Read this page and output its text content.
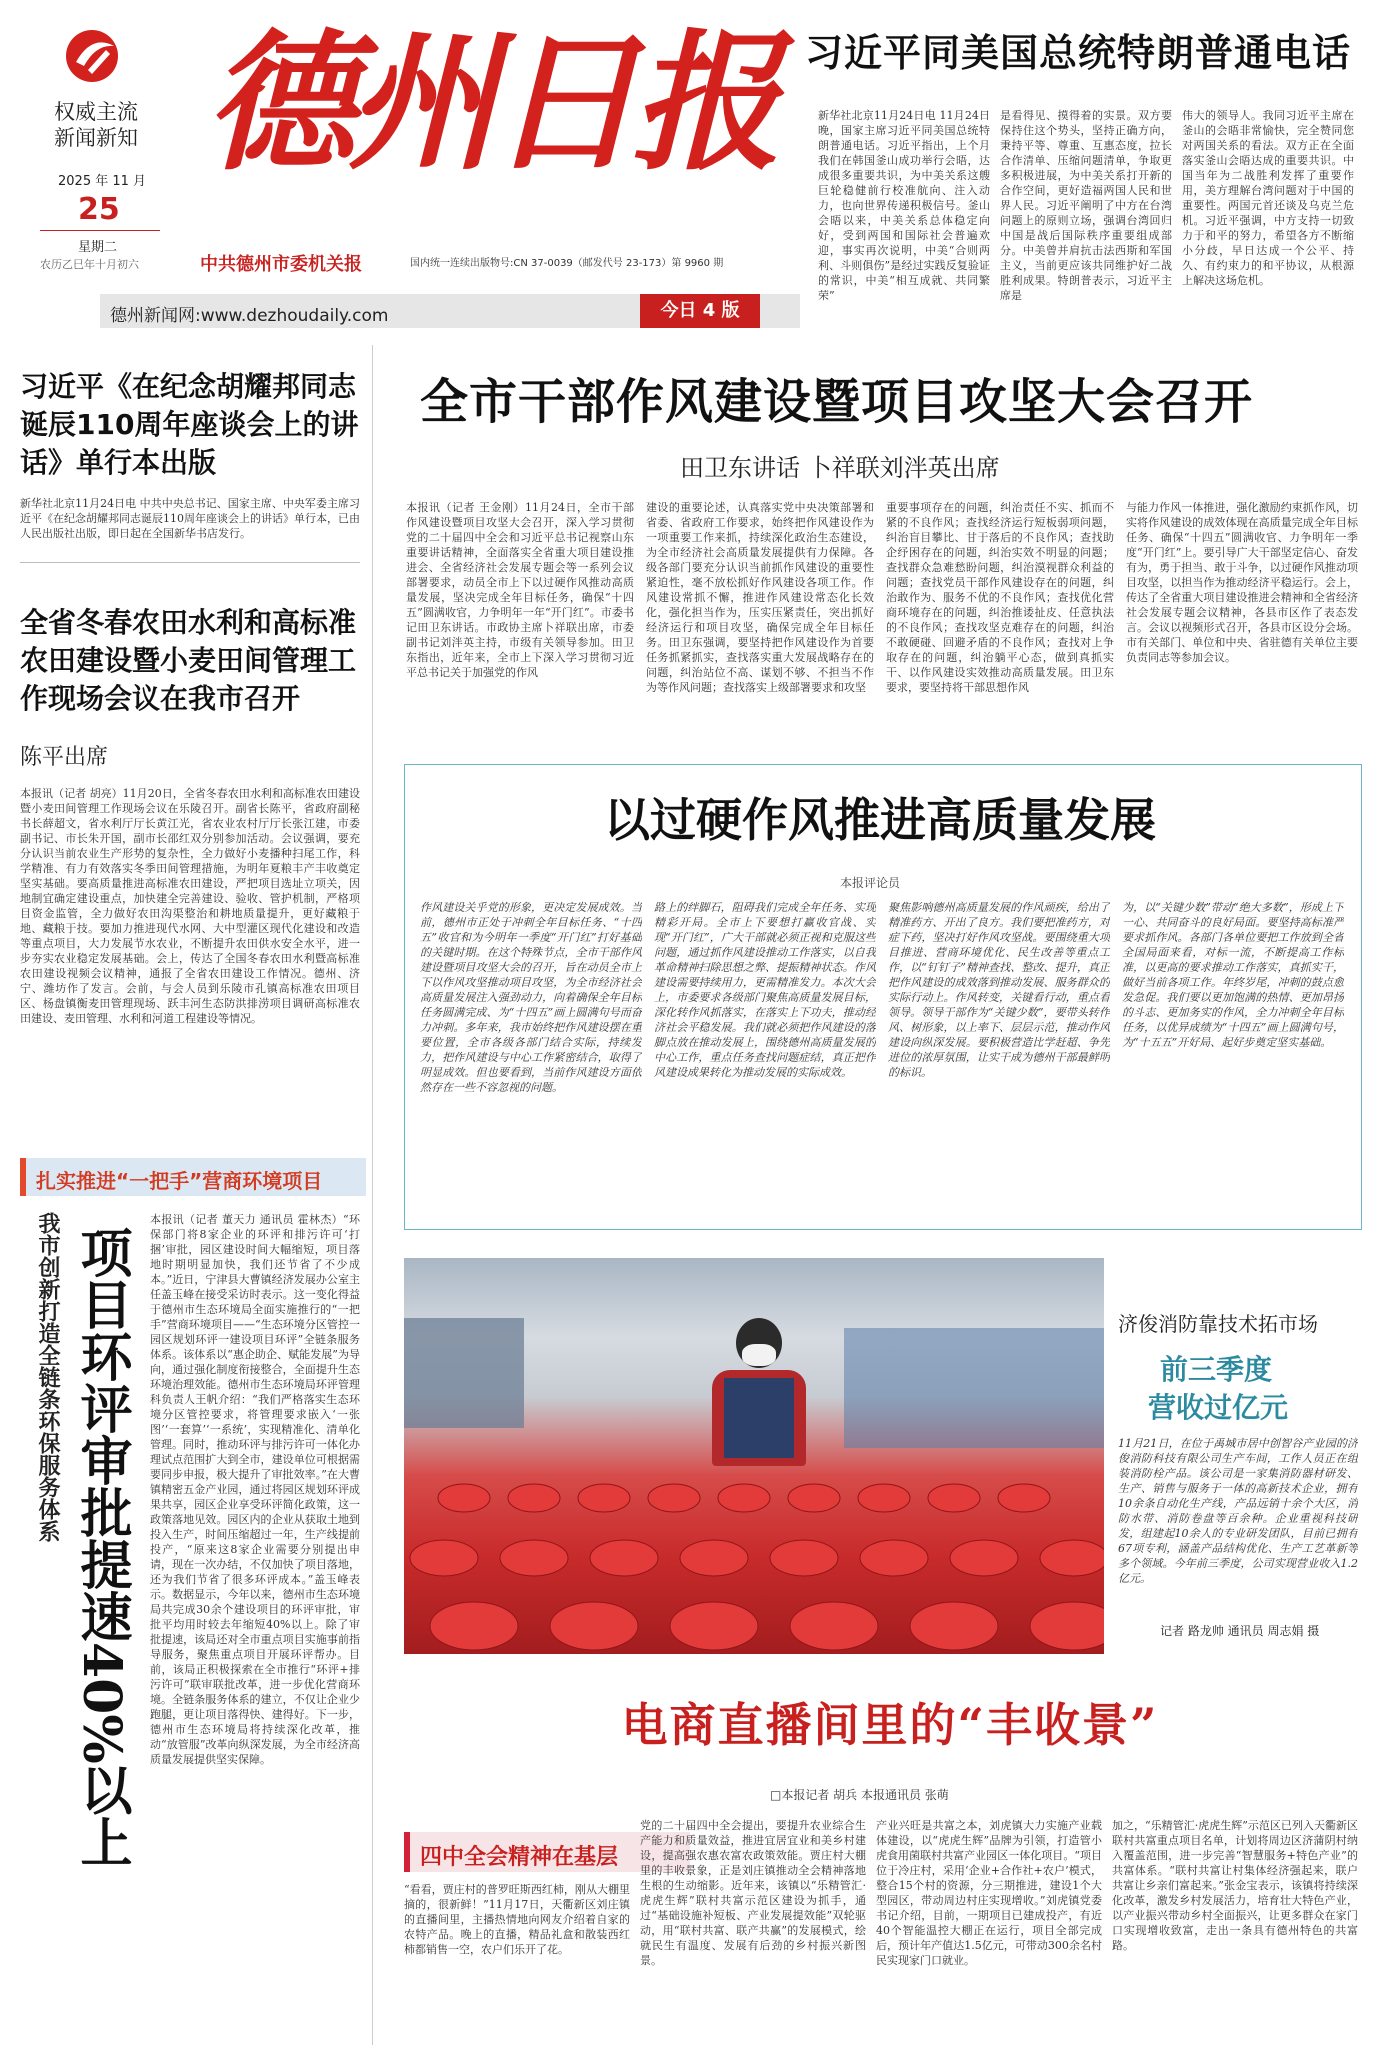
权威主流
新闻新知
2025 年 11 月
25
星期二
农历乙巳年十月初六
德州日报
中共德州市委机关报	国内统一连续出版物号:CN 37-0039（邮发代号 23-173）第 9960 期
德州新闻网:www.dezhoudaily.com	今日 4 版
习近平同美国总统特朗普通电话
新华社北京11月24日电 11月24日晚，国家主席习近平同美国总统特朗普通电话。习近平指出，上个月我们在韩国釜山成功举行会晤，达成很多重要共识，为中美关系这艘巨轮稳健前行校准航向、注入动力，也向世界传递积极信号。釜山会晤以来，中美关系总体稳定向好，受到两国和国际社会普遍欢迎，事实再次说明，中美“合则两利、斗则俱伤”是经过实践反复验证的常识，中美“相互成就、共同繁荣”
是看得见、摸得着的实景。双方要保持住这个势头，坚持正确方向，秉持平等、尊重、互惠态度，拉长合作清单、压缩问题清单，争取更多积极进展，为中美关系打开新的合作空间，更好造福两国人民和世界人民。习近平阐明了中方在台湾问题上的原则立场，强调台湾回归中国是战后国际秩序重要组成部分。中美曾并肩抗击法西斯和军国主义，当前更应该共同维护好二战胜利成果。特朗普表示，习近平主席是
伟大的领导人。我同习近平主席在釜山的会晤非常愉快，完全赞同您对两国关系的看法。双方正在全面落实釜山会晤达成的重要共识。中国当年为二战胜利发挥了重要作用，美方理解台湾问题对于中国的重要性。两国元首还谈及乌克兰危机。习近平强调，中方支持一切致力于和平的努力，希望各方不断缩小分歧，早日达成一个公平、持久、有约束力的和平协议，从根源上解决这场危机。
习近平《在纪念胡耀邦同志诞辰110周年座谈会上的讲话》单行本出版
新华社北京11月24日电 中共中央总书记、国家主席、中央军委主席习近平《在纪念胡耀邦同志诞辰110周年座谈会上的讲话》单行本，已由人民出版社出版，即日起在全国新华书店发行。
全省冬春农田水利和高标准农田建设暨小麦田间管理工作现场会议在我市召开
陈平出席
本报讯（记者 胡亮）11月20日，全省冬春农田水利和高标准农田建设暨小麦田间管理工作现场会议在乐陵召开。副省长陈平，省政府副秘书长薛超文，省水利厅厅长黄江光，省农业农村厅厅长张江建，市委副书记、市长朱开国，副市长邵红双分别参加活动。会议强调，要充分认识当前农业生产形势的复杂性，全力做好小麦播种扫尾工作，科学精准、有力有效落实冬季田间管理措施，为明年夏粮丰产丰收奠定坚实基础。要高质量推进高标准农田建设，严把项目选址立项关，因地制宜确定建设重点，加快建全完善建设、验收、管护机制，严格项目资金监管，全力做好农田沟渠整治和耕地质量提升，更好藏粮于地、藏粮于技。要加力推进现代水网、大中型灌区现代化建设和改造等重点项目，大力发展节水农业，不断提升农田供水安全水平，进一步夯实农业稳定发展基础。会上，传达了全国冬春农田水利暨高标准农田建设视频会议精神，通报了全省农田建设工作情况。德州、济宁、潍坊作了发言。会前，与会人员到乐陵市孔镇高标准农田项目区、杨盘镇衡麦田管理现场、跃丰河生态防洪排涝项目调研高标准农田建设、麦田管理、水利和河道工程建设等情况。
扎实推进“一把手”营商环境项目
我市创新打造全链条环保服务体系 项目环评审批提速40%以上
本报讯（记者 董天力 通讯员 霍林杰）“环保部门将8家企业的环评和排污许可‘打捆’审批，园区建设时间大幅缩短，项目落地时期明显加快，我们还节省了不少成本。”近日，宁津县大曹镇经济发展办公室主任盖玉峰在接受采访时表示。这一变化得益于德州市生态环境局全面实施推行的“一把手”营商环境项目——“生态环境分区管控一园区规划环评一建设项目环评”全链条服务体系。该体系以“惠企助企、赋能发展”为导向，通过强化制度衔接整合，全面提升生态环境治理效能。德州市生态环境局环评管理科负责人王帆介绍：“我们严格落实生态环境分区管控要求，将管理要求嵌入‘一张图’‘一套算’‘一系统’，实现精准化、清单化管理。同时，推动环评与排污许可一体化办理试点范围扩大到全市，建设单位可根据需要同步申报，极大提升了审批效率。”在大曹镇精密五金产业园，通过将园区规划环评成果共享，园区企业享受环评简化政策，这一政策落地见效。园区内的企业从获取土地到投入生产，时间压缩超过一年，生产线提前投产，“原来这8家企业需要分别提出申请，现在一次办结，不仅加快了项目落地，还为我们节省了很多环评成本。”盖玉峰表示。数据显示，今年以来，德州市生态环境局共完成30余个建设项目的环评审批，审批平均用时较去年缩短40%以上。除了审批提速，该局还对全市重点项目实施事前指导服务，聚焦重点项目开展环评帮办。目前，该局正积极探索在全市推行“环评+排污许可”联审联批改革，进一步优化营商环境。全链条服务体系的建立，不仅让企业少跑腿，更让项目落得快、建得好。下一步，德州市生态环境局将持续深化改革，推动“放管服”改革向纵深发展，为全市经济高质量发展提供坚实保障。
全市干部作风建设暨项目攻坚大会召开
田卫东讲话 卜祥联刘泮英出席
本报讯（记者 王金刚）11月24日，全市干部作风建设暨项目攻坚大会召开，深入学习贯彻党的二十届四中全会和习近平总书记视察山东重要讲话精神，全面落实全省重大项目建设推进会、全省经济社会发展专题会等一系列会议部署要求，动员全市上下以过硬作风推动高质量发展，坚决完成全年目标任务，确保“十四五”圆满收官，力争明年一年“开门红”。市委书记田卫东讲话。市政协主席卜祥联出席，市委副书记刘泮英主持，市级有关领导参加。田卫东指出，近年来，全市上下深入学习贯彻习近平总书记关于加强党的作风
建设的重要论述，认真落实党中央决策部署和省委、省政府工作要求，始终把作风建设作为一项重要工作来抓，持续深化政治生态建设，为全市经济社会高质量发展提供有力保障。各级各部门要充分认识当前抓作风建设的重要性紧迫性，毫不放松抓好作风建设各项工作。作风建设常抓不懈，推进作风建设常态化长效化，强化担当作为，压实压紧责任，突出抓好经济运行和项目攻坚，确保完成全年目标任务。田卫东强调，要坚持把作风建设作为首要任务抓紧抓实，查找落实重大发展战略存在的问题，纠治站位不高、谋划不够、不担当不作为等作风问题；查找落实上级部署要求和攻坚
重要事项存在的问题，纠治责任不实、抓而不紧的不良作风；查找经济运行短板弱项问题，纠治盲目攀比、甘于落后的不良作风；查找助企纾困存在的问题，纠治实效不明显的问题；查找群众急难愁盼问题，纠治漠视群众利益的问题；查找党员干部作风建设存在的问题，纠治敢作为、服务不优的不良作风；查找优化营商环境存在的问题，纠治推诿扯皮、任意执法的不良作风；查找攻坚克难存在的问题，纠治不敢硬碰、回避矛盾的不良作风；查找对上争取存在的问题，纠治躺平心态，做到真抓实干、以作风建设实效推动高质量发展。田卫东要求，要坚持将干部思想作风
与能力作风一体推进，强化激励约束抓作风，切实将作风建设的成效体现在高质量完成全年目标任务、确保“十四五”圆满收官、力争明年一季度“开门红”上。要引导广大干部坚定信心、奋发有为，勇于担当、敢于斗争，以过硬作风推动项目攻坚，以担当作为推动经济平稳运行。会上，传达了全省重大项目建设推进会精神和全省经济社会发展专题会议精神，各县市区作了表态发言。会议以视频形式召开，各县市区设分会场。市有关部门、单位和中央、省驻德有关单位主要负责同志等参加会议。
以过硬作风推进高质量发展
本报评论员
作风建设关乎党的形象，更决定发展成效。当前，德州市正处于冲刺全年目标任务、“十四五”收官和为今明年一季度“开门红”打好基础的关键时期。在这个特殊节点，全市干部作风建设暨项目攻坚大会的召开，旨在动员全市上下以作风攻坚推动项目攻坚，为全市经济社会高质量发展注入强劲动力，向着确保全年目标任务圆满完成、为“十四五”画上圆满句号而奋力冲刺。多年来，我市始终把作风建设摆在重要位置，全市各级各部门结合实际，持续发力，把作风建设与中心工作紧密结合，取得了明显成效。但也要看到，当前作风建设方面依然存在一些不容忽视的问题。
路上的绊脚石，阻碍我们完成全年任务、实现精彩开局。全市上下要想打赢收官战、实现“开门红”，广大干部就必须正视和克服这些问题，通过抓作风建设推动工作落实，以自我革命精神扫除思想之弊、提振精神状态。作风建设需要持续用力，更需精准发力。本次大会上，市委要求各级部门聚焦高质量发展目标，深化转作风抓落实，在落实上下功夫，推动经济社会平稳发展。我们就必须把作风建设的落脚点放在推动发展上，围绕德州高质量发展的中心工作，重点任务查找问题症结，真正把作风建设成果转化为推动发展的实际成效。
聚焦影响德州高质量发展的作风顽疾，给出了精准药方、开出了良方。我们要把准药方，对症下药，坚决打好作风攻坚战。要围绕重大项目推进、营商环境优化、民生改善等重点工作，以“钉钉子”精神查找、整改、提升，真正把作风建设的成效落到推动发展、服务群众的实际行动上。作风转变，关键看行动，重点看领导。领导干部作为“关键少数”，要带头转作风、树形象，以上率下、层层示范，推动作风建设向纵深发展。要积极营造比学赶超、争先进位的浓厚氛围，让实干成为德州干部最鲜明的标识。
为，以“关键少数”带动“绝大多数”，形成上下一心、共同奋斗的良好局面。要坚持高标准严要求抓作风。各部门各单位要把工作放到全省全国局面来看，对标一流，不断提高工作标准，以更高的要求推动工作落实，真抓实干，做好当前各项工作。年终岁尾，冲刺的鼓点愈发急促。我们要以更加饱满的热情、更加昂扬的斗志、更加务实的作风，全力冲刺全年目标任务，以优异成绩为“十四五”画上圆满句号，为“十五五”开好局、起好步奠定坚实基础。
济俊消防靠技术拓市场
前三季度
营收过亿元
11月21日，在位于禹城市居中创智谷产业园的济俊消防科技有限公司生产车间，工作人员正在组装消防栓产品。该公司是一家集消防器材研发、生产、销售与服务于一体的高新技术企业，拥有10余条自动化生产线，产品远销十余个大区，消防水带、消防卷盘等百余种。企业重视科技研发，组建起10余人的专业研发团队，目前已拥有67项专利，涵盖产品结构优化、生产工艺革新等多个领域。今年前三季度，公司实现营业收入1.2亿元。
记者 路龙帅 通讯员 周志娟 摄
电商直播间里的“丰收景”
□本报记者 胡兵 本报通讯员 张萌
四中全会精神在基层
“看看，贾庄村的普罗旺斯西红柿，刚从大棚里摘的，很新鲜！”11月17日，天衢新区刘庄镇的直播间里，主播热情地向网友介绍着自家的农特产品。晚上的直播，精品礼盒和散装西红柿都销售一空，农户们乐开了花。
党的二十届四中全会提出，要提升农业综合生产能力和质量效益，推进宜居宜业和美乡村建设，提高强农惠农富农政策效能。贾庄村大棚里的丰收景象，正是刘庄镇推动全会精神落地生根的生动缩影。近年来，该镇以“乐精管汇·虎虎生辉”联村共富示范区建设为抓手，通过“基础设施补短板、产业发展提效能”双轮驱动，用“联村共富、联产共赢”的发展模式，绘就民生有温度、发展有后劲的乡村振兴新图景。
产业兴旺是共富之本，刘虎镇大力实施产业载体建设，以“虎虎生辉”品牌为引领，打造管小虎食用菌联村共富产业园区一体化项目。“项目位于冷庄村，采用‘企业+合作社+农户’模式，整合15个村的资源，分三期推进，建设1个大型园区，带动周边村庄实现增收。”刘虎镇党委书记介绍，目前，一期项目已建成投产，有近40个智能温控大棚正在运行，项目全部完成后，预计年产值达1.5亿元，可带动300余名村民实现家门口就业。
加之，“乐精管汇·虎虎生辉”示范区已列入天衢新区联村共富重点项目名单，计划将周边区济蒲阴村纳入覆盖范围，进一步完善“智慧服务+特色产业”的共富体系。“联村共富让村集体经济强起来，联户共富让乡亲们富起来。”张金宝表示，该镇将持续深化改革，激发乡村发展活力，培育壮大特色产业，以产业振兴带动乡村全面振兴，让更多群众在家门口实现增收致富，走出一条具有德州特色的共富路。
